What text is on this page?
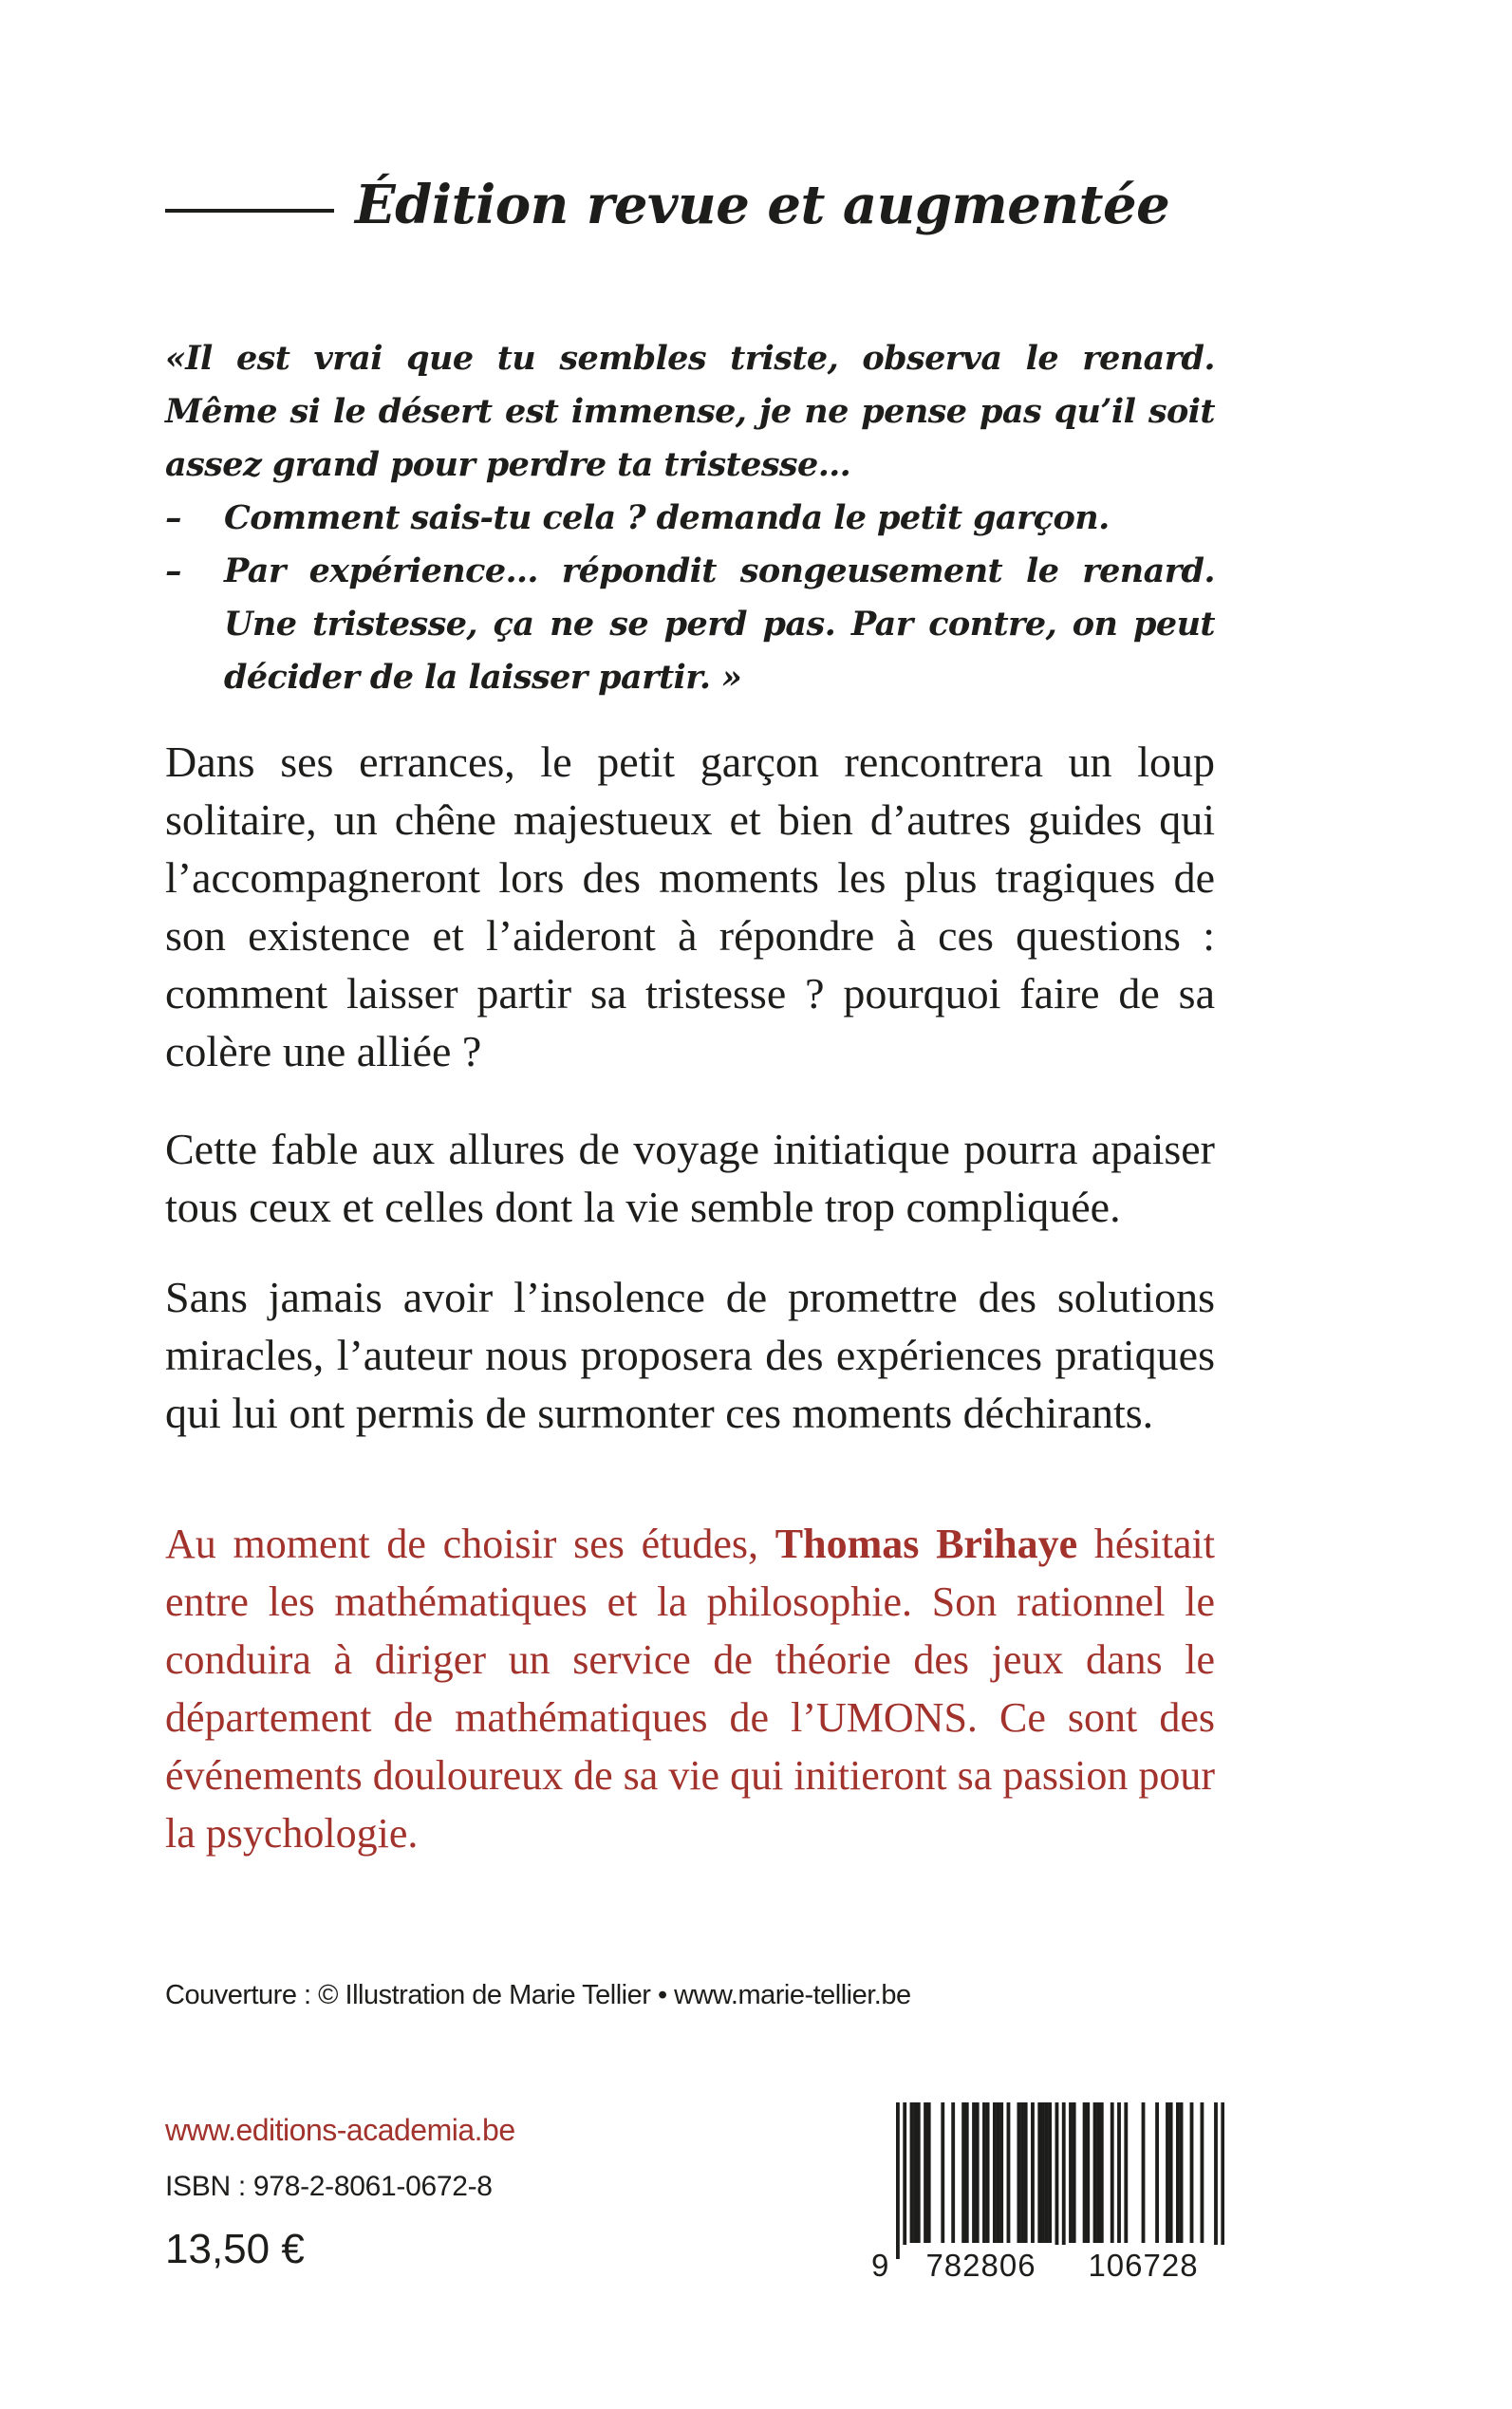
Édition revue et augmentée

«Il est vrai que tu sembles triste, observa le renard. Même si le désert est immense, je ne pense pas qu’il soit assez grand pour perdre ta tristesse…

–	Comment sais-tu cela ? demanda le petit garçon.
–	Par expérience… répondit songeusement le renard. Une tristesse, ça ne se perd pas. Par contre, on peut décider de la laisser partir. »

Dans ses errances, le petit garçon rencontrera un loup solitaire, un chêne majestueux et bien d’autres guides qui l’accompagneront lors des moments les plus tragiques de son existence et l’aideront à répondre à ces questions : comment laisser partir sa tristesse ? pourquoi faire de sa colère une alliée ?

Cette fable aux allures de voyage initiatique pourra apaiser tous ceux et celles dont la vie semble trop compliquée.

Sans jamais avoir l’insolence de promettre des solutions miracles, l’auteur nous proposera des expériences pratiques qui lui ont permis de surmonter ces moments déchirants.

Au moment de choisir ses études, Thomas Brihaye hésitait entre les mathématiques et la philosophie. Son rationnel le conduira à diriger un service de théorie des jeux dans le département de mathématiques de l’UMONS. Ce sont des événements douloureux de sa vie qui initieront sa passion pour la psychologie.

Couverture : © Illustration de Marie Tellier • www.marie-tellier.be
www.editions-academia.be
ISBN : 978-2-8061-0672-8
13,50 €	9	782806	106728
